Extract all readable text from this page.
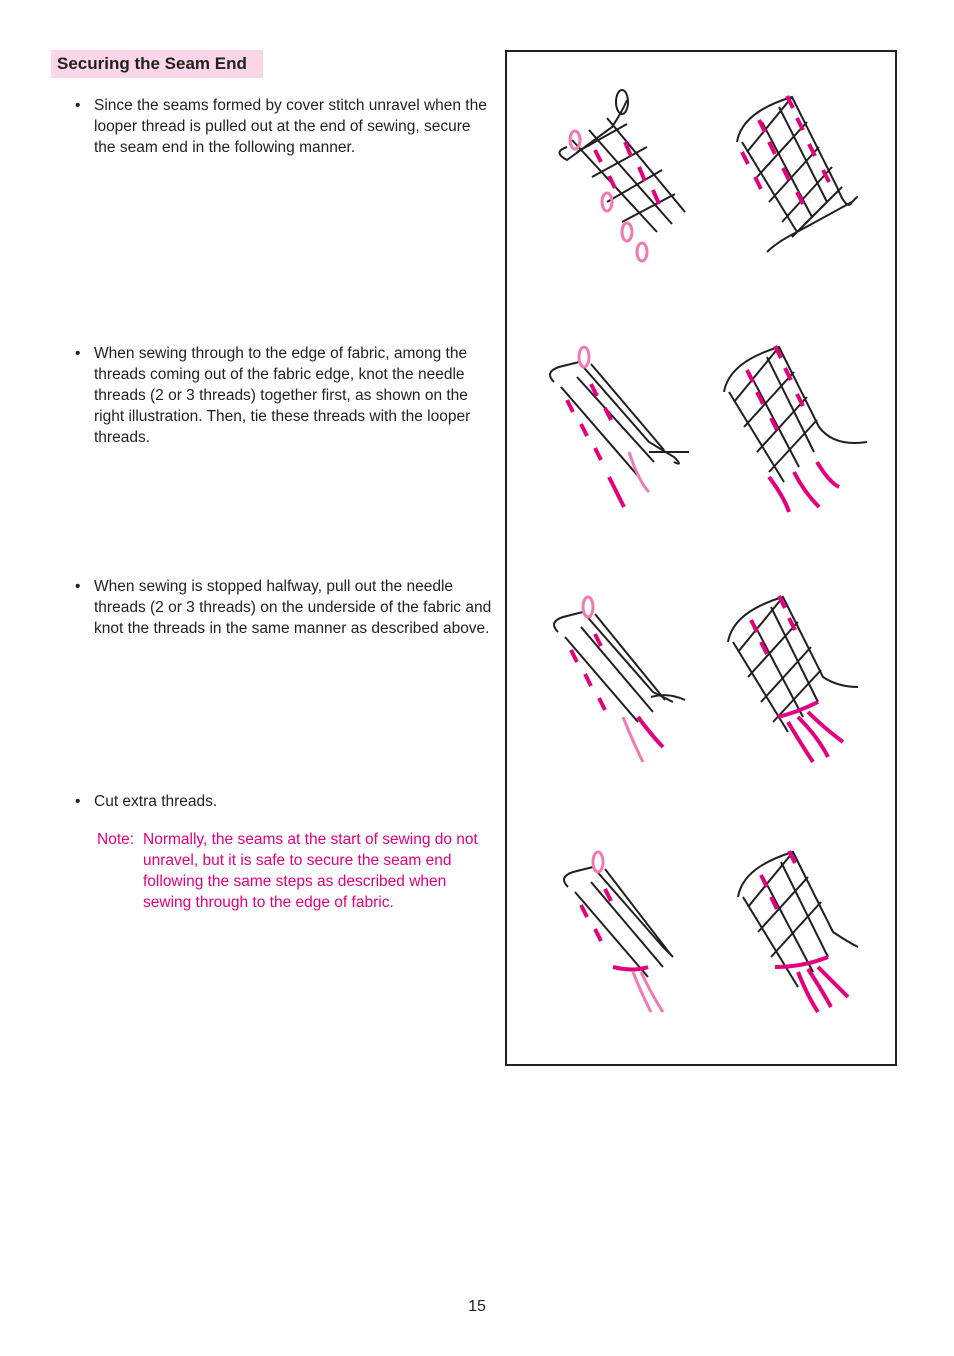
Securing the Seam End
• Since the seams formed by cover stitch unravel when the looper thread is pulled out at the end of sewing, secure the seam end in the following manner.
• When sewing through to the edge of fabric, among the threads coming out of the fabric edge, knot the needle threads (2 or 3 threads) together first, as shown on the right illustration. Then, tie these threads with the looper threads.
• When sewing is stopped halfway, pull out the needle threads (2 or 3 threads) on the underside of the fabric and knot the threads in the same manner as described above.
• Cut extra threads.
Note: Normally, the seams at the start of sewing do not unravel, but it is safe to secure the seam end following the same steps as described when sewing through to the edge of fabric.
15
